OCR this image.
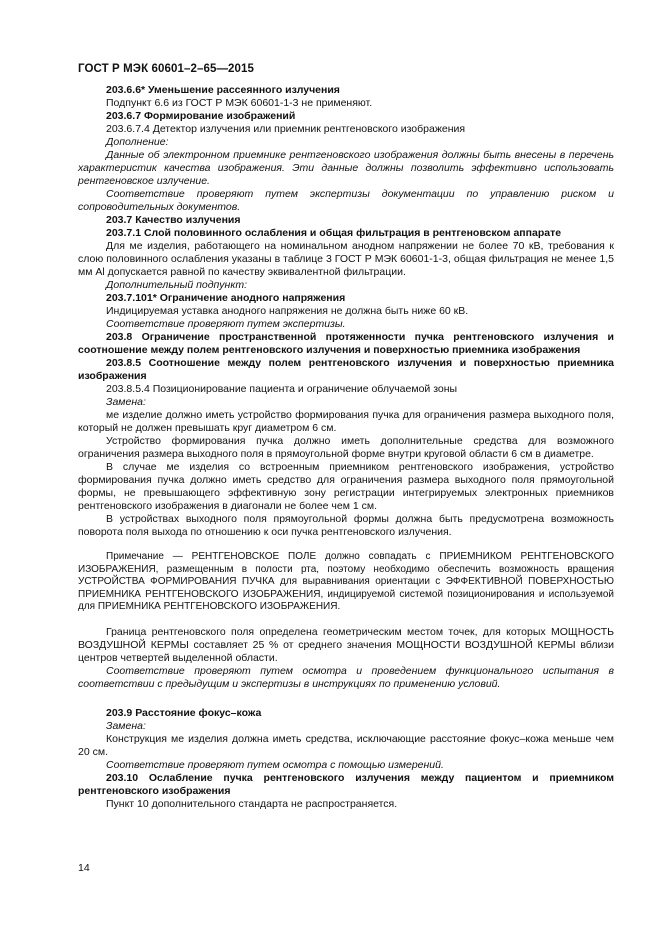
ГОСТ Р МЭК 60601–2–65—2015

203.6.6* Уменьшение рассеянного излучения

Подпункт 6.6 из ГОСТ Р МЭК 60601-1-3 не применяют.

203.6.7 Формирование изображений

203.6.7.4 Детектор излучения или приемник рентгеновского изображения

Дополнение:

Данные об электронном приемнике рентгеновского изображения должны быть внесены в перечень характеристик качества изображения. Эти данные должны позволить эффективно использовать рентгеновское излучение.

Соответствие проверяют путем экспертизы документации по управлению риском и сопроводительных документов.

203.7 Качество излучения

203.7.1 Слой половинного ослабления и общая фильтрация в рентгеновском аппарате

Для ме изделия, работающего на номинальном анодном напряжении не более 70 кВ, требования к слою половинного ослабления указаны в таблице 3 ГОСТ Р МЭК 60601-1-3, общая фильтрация не менее 1,5 мм Al допускается равной по качеству эквивалентной фильтрации.

Дополнительный подпункт:

203.7.101* Ограничение анодного напряжения

Индицируемая уставка анодного напряжения не должна быть ниже 60 кВ.

Соответствие проверяют путем экспертизы.

203.8 Ограничение пространственной протяженности пучка рентгеновского излучения и соотношение между полем рентгеновского излучения и поверхностью приемника изображения

203.8.5 Соотношение между полем рентгеновского излучения и поверхностью приемника изображения

203.8.5.4 Позиционирование пациента и ограничение облучаемой зоны

Замена:

ме изделие должно иметь устройство формирования пучка для ограничения размера выходного поля, который не должен превышать круг диаметром 6 см.

Устройство формирования пучка должно иметь дополнительные средства для возможного ограничения размера выходного поля в прямоугольной форме внутри круговой области 6 см в диаметре.

В случае ме изделия со встроенным приемником рентгеновского изображения, устройство формирования пучка должно иметь средство для ограничения размера выходного поля прямоугольной формы, не превышающего эффективную зону регистрации интегрируемых электронных приемников рентгеновского изображения в диагонали не более чем 1 см.

В устройствах выходного поля прямоугольной формы должна быть предусмотрена возможность поворота поля выхода по отношению к оси пучка рентгеновского излучения.

Примечание — РЕНТГЕНОВСКОЕ ПОЛЕ должно совпадать с ПРИЕМНИКОМ РЕНТГЕНОВСКОГО ИЗОБРАЖЕНИЯ, размещенным в полости рта, поэтому необходимо обеспечить возможность вращения УСТРОЙСТВА ФОРМИРОВАНИЯ ПУЧКА для выравнивания ориентации с ЭФФЕКТИВНОЙ ПОВЕРХНОСТЬЮ ПРИЕМНИКА РЕНТГЕНОВСКОГО ИЗОБРАЖЕНИЯ, индицируемой системой позиционирования и используемой для ПРИЕМНИКА РЕНТГЕНОВСКОГО ИЗОБРАЖЕНИЯ.

Граница рентгеновского поля определена геометрическим местом точек, для которых МОЩНОСТЬ ВОЗДУШНОЙ КЕРМЫ составляет 25 % от среднего значения МОЩНОСТИ ВОЗДУШНОЙ КЕРМЫ вблизи центров четвертей выделенной области.

Соответствие проверяют путем осмотра и проведением функционального испытания в соответствии с предыдущим и экспертизы в инструкциях по применению условий.

203.9 Расстояние фокус–кожа

Замена:

Конструкция ме изделия должна иметь средства, исключающие расстояние фокус–кожа меньше чем 20 см.

Соответствие проверяют путем осмотра с помощью измерений.

203.10 Ослабление пучка рентгеновского излучения между пациентом и приемником рентгеновского изображения

Пункт 10 дополнительного стандарта не распространяется.

14
